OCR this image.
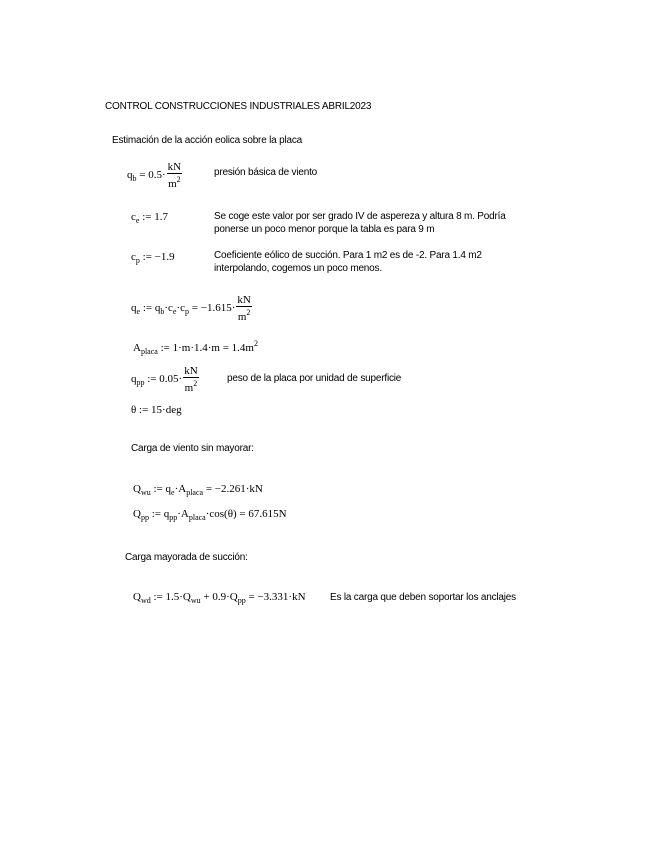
CONTROL CONSTRUCCIONES INDUSTRIALES ABRIL2023
Estimación de la acción eolica sobre la placa
$q_b = 0.5\cdot \frac{kN}{m^2}$	presión básica de viento
$c_e$ := 1.7	Se coge este valor por ser grado IV de aspereza y altura 8 m. Podría
ponerse un poco menor porque la tabla es para 9 m
$c_p$ := −1.9	Coeficiente eólico de succión. Para 1 m2 es de -2. Para 1.4 m2
interpolando, cogemos un poco menos.
$q_e$ := $q_b\cdot c_e\cdot c_p = -1.615\cdot \frac{kN}{m^2}$
$A_{placa}$ := $1\cdot m\cdot 1.4\cdot m = 1.4m^2$
$q_{pp}$ := $0.05\cdot \frac{kN}{m^2}$	peso de la placa por unidad de superficie
θ := 15·deg
Carga de viento sin mayorar:
$Q_{wu}$ := $q_e\cdot A_{placa} = -2.261\cdot kN$
$Q_{pp}$ := $q_{pp}\cdot A_{placa}\cdot\cos(\theta) = 67.615N$
Carga mayorada de succión:
$Q_{wd}$ := $1.5\cdot Q_{wu} + 0.9\cdot Q_{pp} = -3.331\cdot kN$ Es la carga que deben soportar los anclajes
